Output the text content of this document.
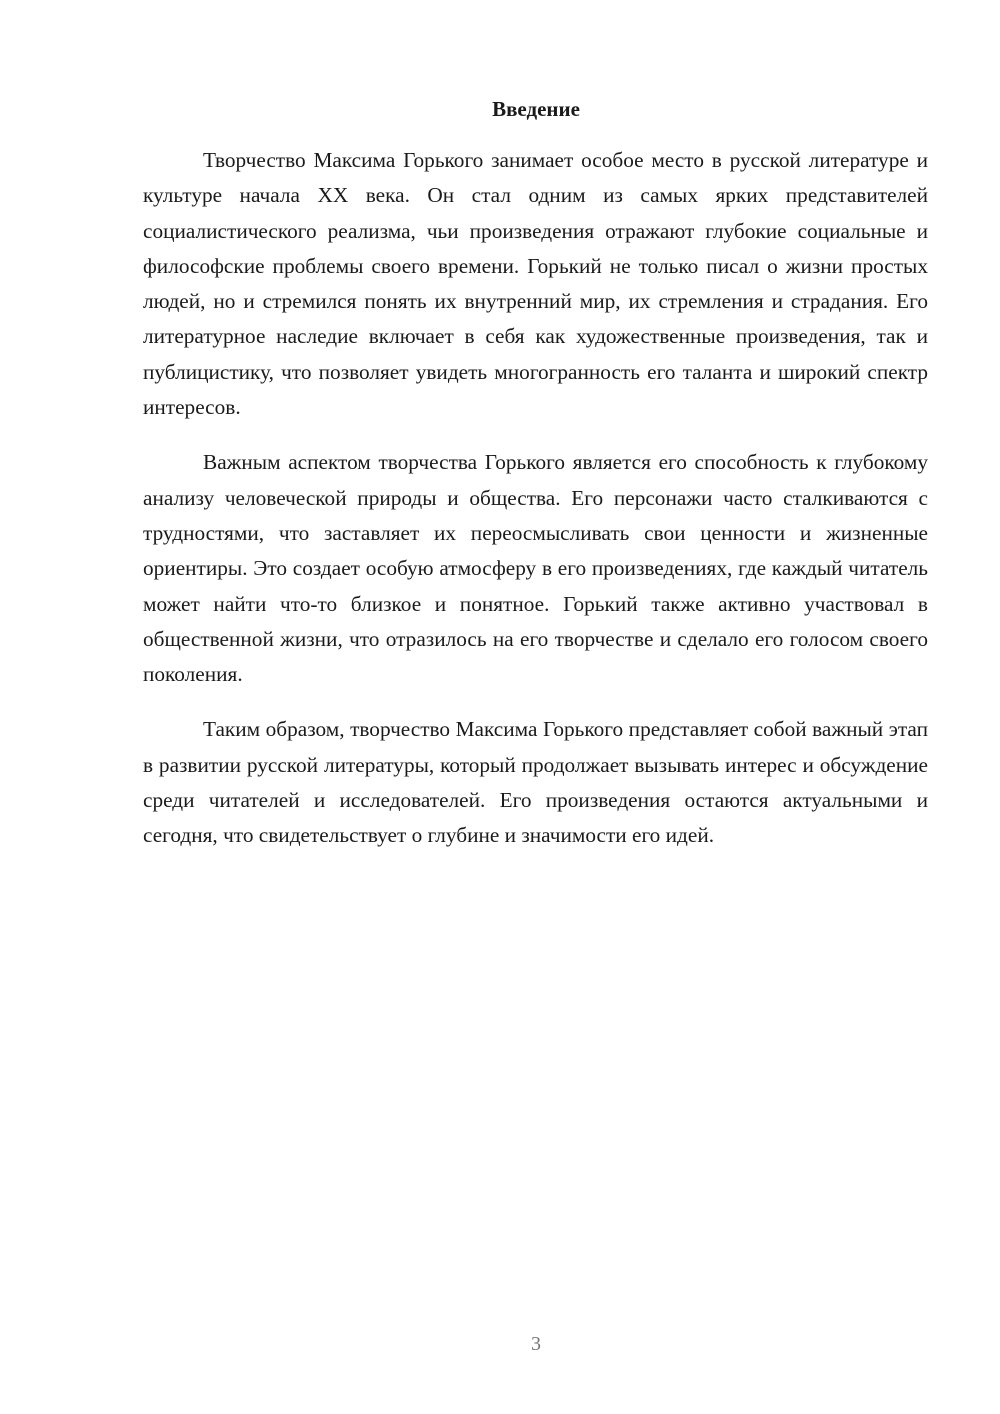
Введение

Творчество Максима Горького занимает особое место в русской литературе и культуре начала XX века. Он стал одним из самых ярких представителей социалистического реализма, чьи произведения отражают глубокие социальные и философские проблемы своего времени. Горький не только писал о жизни простых людей, но и стремился понять их внутренний мир, их стремления и страдания. Его литературное наследие включает в себя как художественные произведения, так и публицистику, что позволяет увидеть многогранность его таланта и широкий спектр интересов.

Важным аспектом творчества Горького является его способность к глубокому анализу человеческой природы и общества. Его персонажи часто сталкиваются с трудностями, что заставляет их переосмысливать свои ценности и жизненные ориентиры. Это создает особую атмосферу в его произведениях, где каждый читатель может найти что-то близкое и понятное. Горький также активно участвовал в общественной жизни, что отразилось на его творчестве и сделало его голосом своего поколения.

Таким образом, творчество Максима Горького представляет собой важный этап в развитии русской литературы, который продолжает вызывать интерес и обсуждение среди читателей и исследователей. Его произведения остаются актуальными и сегодня, что свидетельствует о глубине и значимости его идей.

3
